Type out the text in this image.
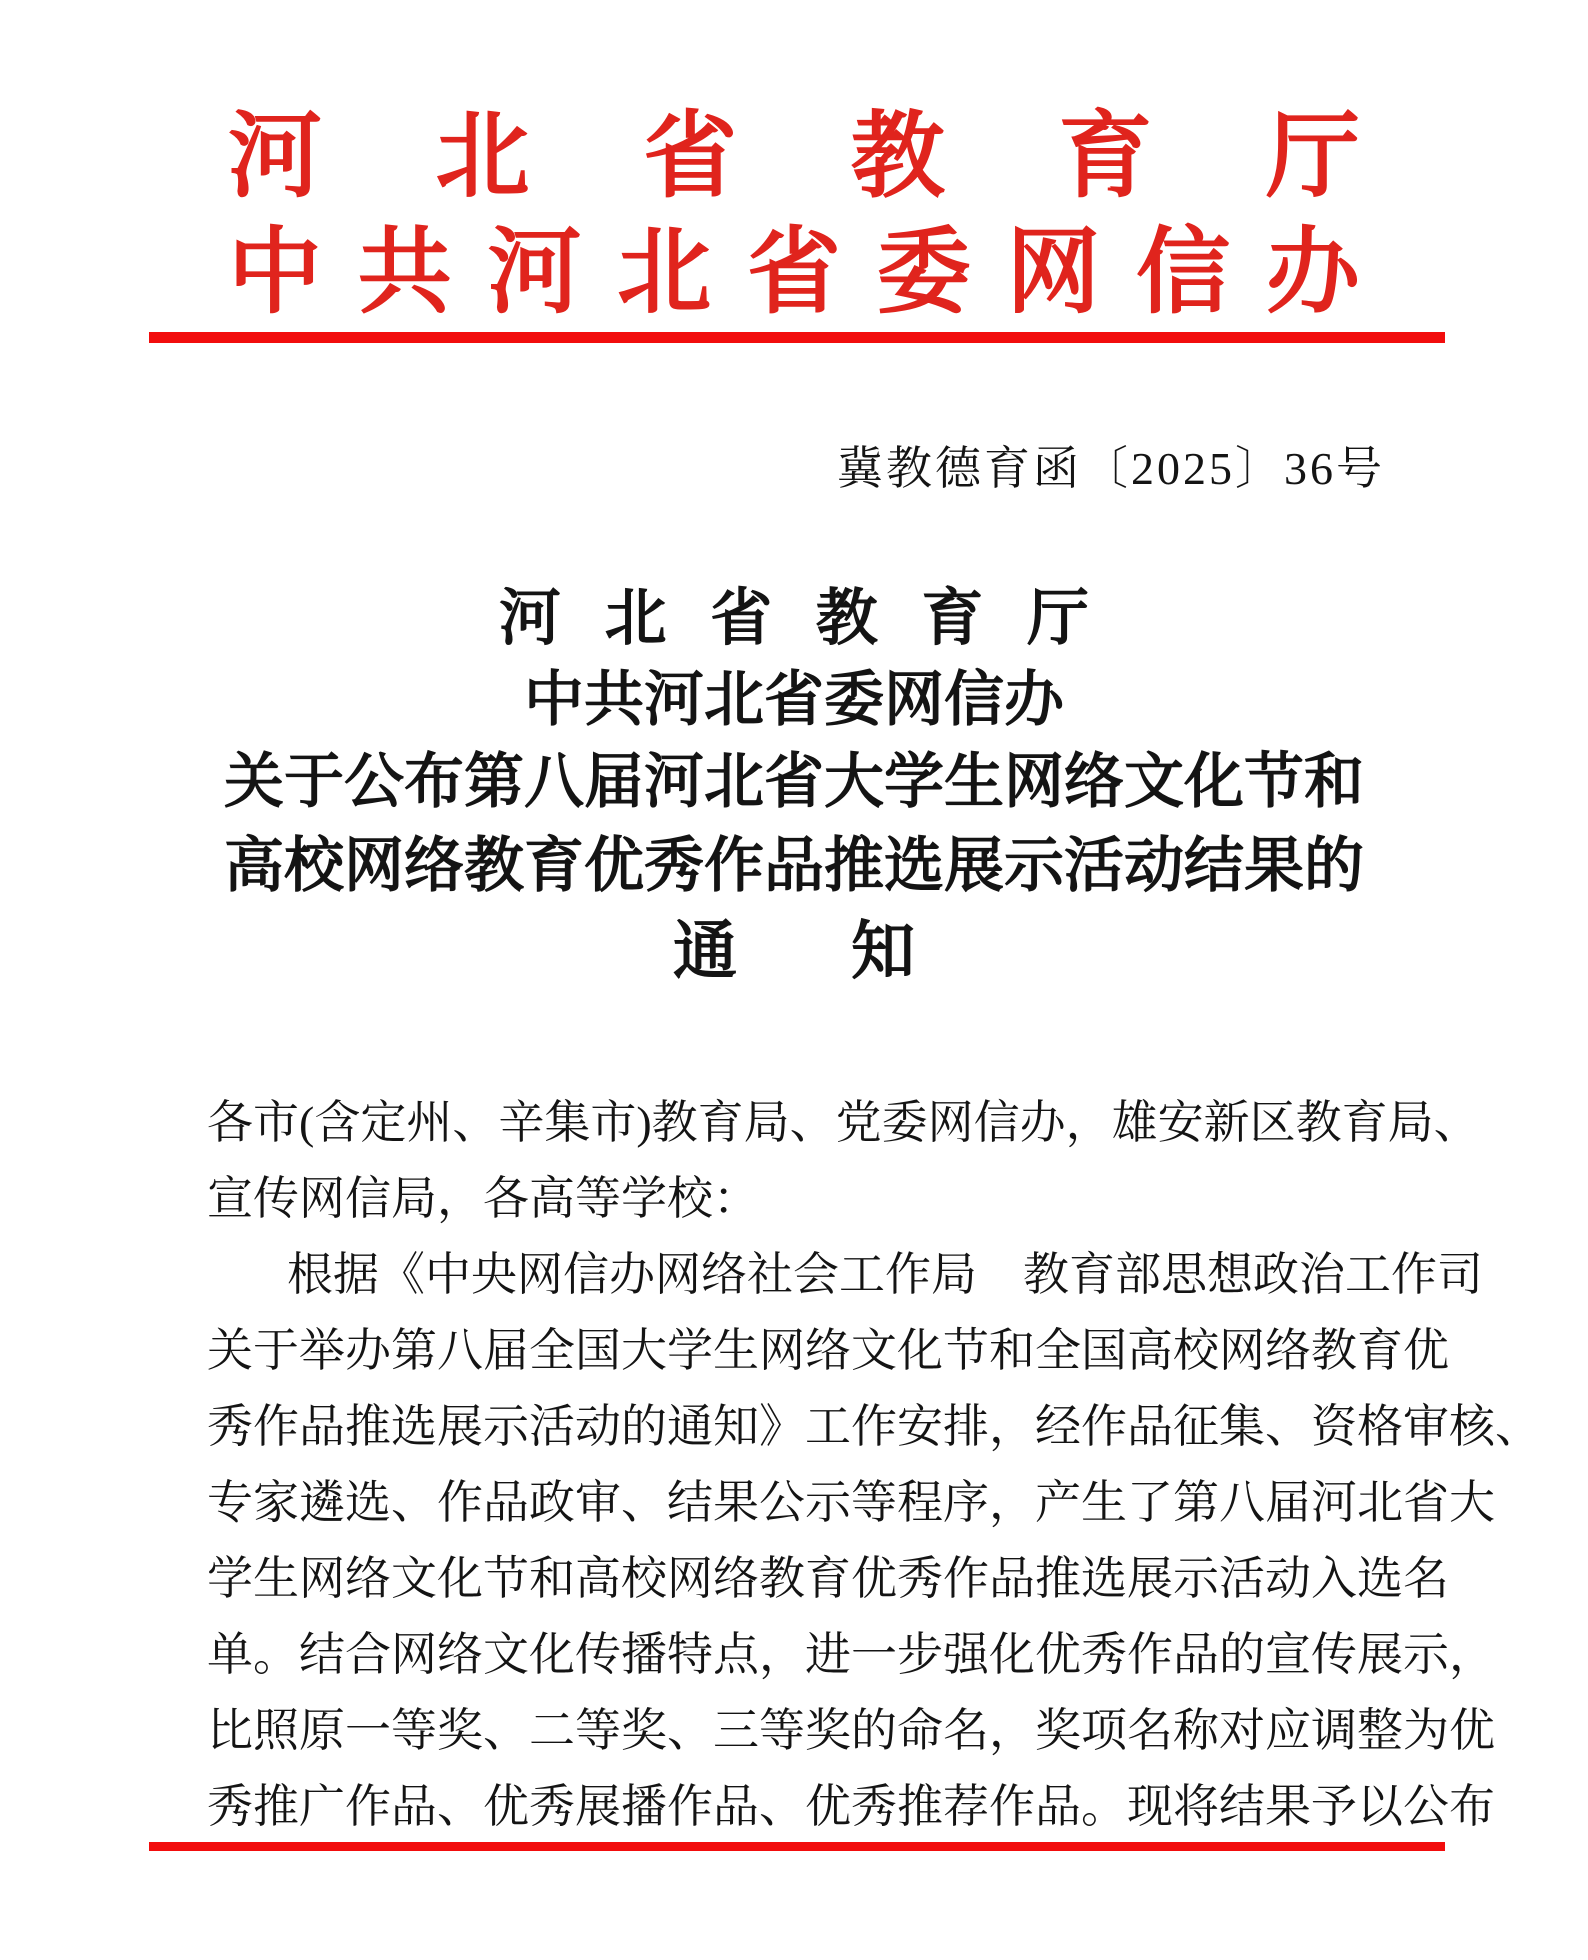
河 北 省 教 育 厅
中 共 河 北 省 委 网 信 办
冀教德育函〔2025〕36号
河 北 省 教 育 厅
中共河北省委网信办
关于公布第八届河北省大学生网络文化节和
高校网络教育优秀作品推选展示活动结果的
通 知
各市(含定州、辛集市)教育局、党委网信办，雄安新区教育局、
宣传网信局，各高等学校：
根据《中央网信办网络社会工作局　教育部思想政治工作司
关于举办第八届全国大学生网络文化节和全国高校网络教育优
秀作品推选展示活动的通知》工作安排，经作品征集、资格审核、
专家遴选、作品政审、结果公示等程序，产生了第八届河北省大
学生网络文化节和高校网络教育优秀作品推选展示活动入选名
单。结合网络文化传播特点，进一步强化优秀作品的宣传展示，
比照原一等奖、二等奖、三等奖的命名，奖项名称对应调整为优
秀推广作品、优秀展播作品、优秀推荐作品。现将结果予以公布
